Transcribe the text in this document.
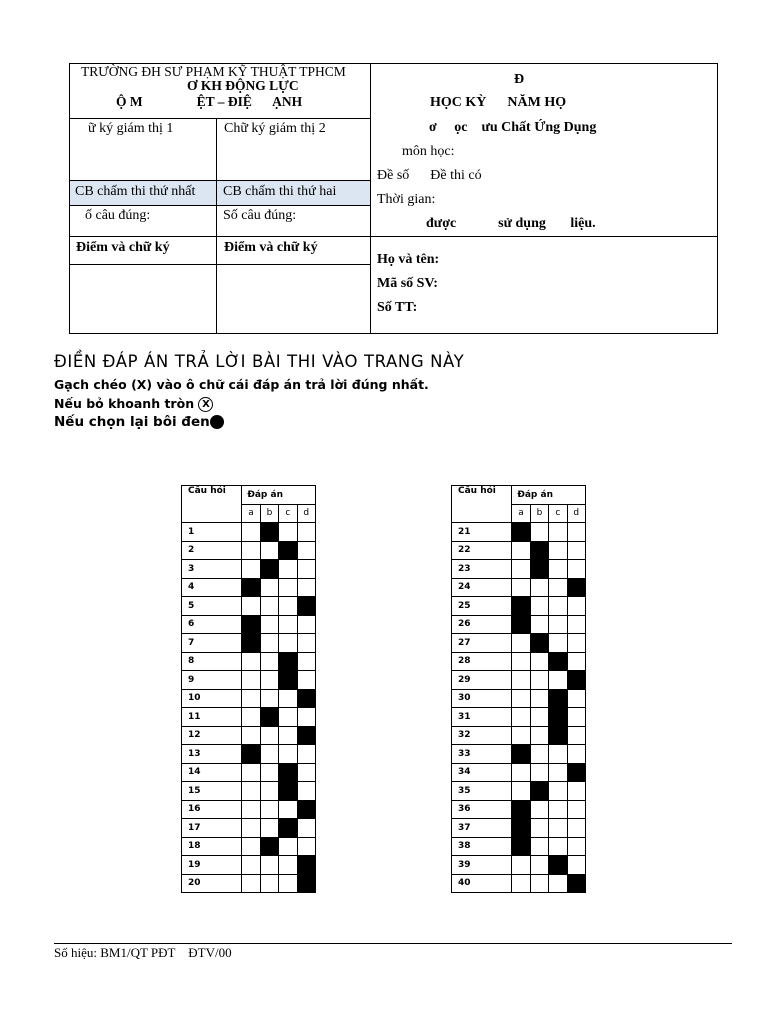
TRƯỜNG ĐH SƯ PHẠM KỸ THUẬT TPHCM
Ơ KH ĐỘNG LỰC
Ộ M                ỆT – ĐIỆ      ẠNH
ữ ký giám thị 1	Chữ ký giám thị 2
CB chấm thi thứ nhất CB chấm thi thứ hai
ố câu đúng:	Số câu đúng:
Điểm và chữ ký	Điểm và chữ ký
Đ
HỌC KỲ      NĂM HỌ
ơ     ọc    ưu Chất Ứng Dụng
môn học:
Đề số      Đề thi có
Thời gian:
được            sử dụng       liệu.
Họ và tên:
Mã số SV:
Số TT:
ĐIỀN ĐÁP ÁN TRẢ LỜI BÀI THI VÀO TRANG NÀY
Gạch chéo (X) vào ô chữ cái đáp án trả lời đúng nhất.
Nếu bỏ khoanh tròn X
Nếu chọn lại bôi đen
Câu hỏi	Đáp án			
	a	b	c	d
1				
2				
3				
4				
5				
6				
7				
8				
9				
10				
11				
12				
13				
14				
15				
16				
17				
18				
19				
20				
Câu hỏi	Đáp án			
	a	b	c	d
21				
22				
23				
24				
25				
26				
27				
28				
29				
30				
31				
32				
33				
34				
35				
36				
37				
38				
39				
40				
Số hiệu: BM1/QT PĐT    ĐTV/00
